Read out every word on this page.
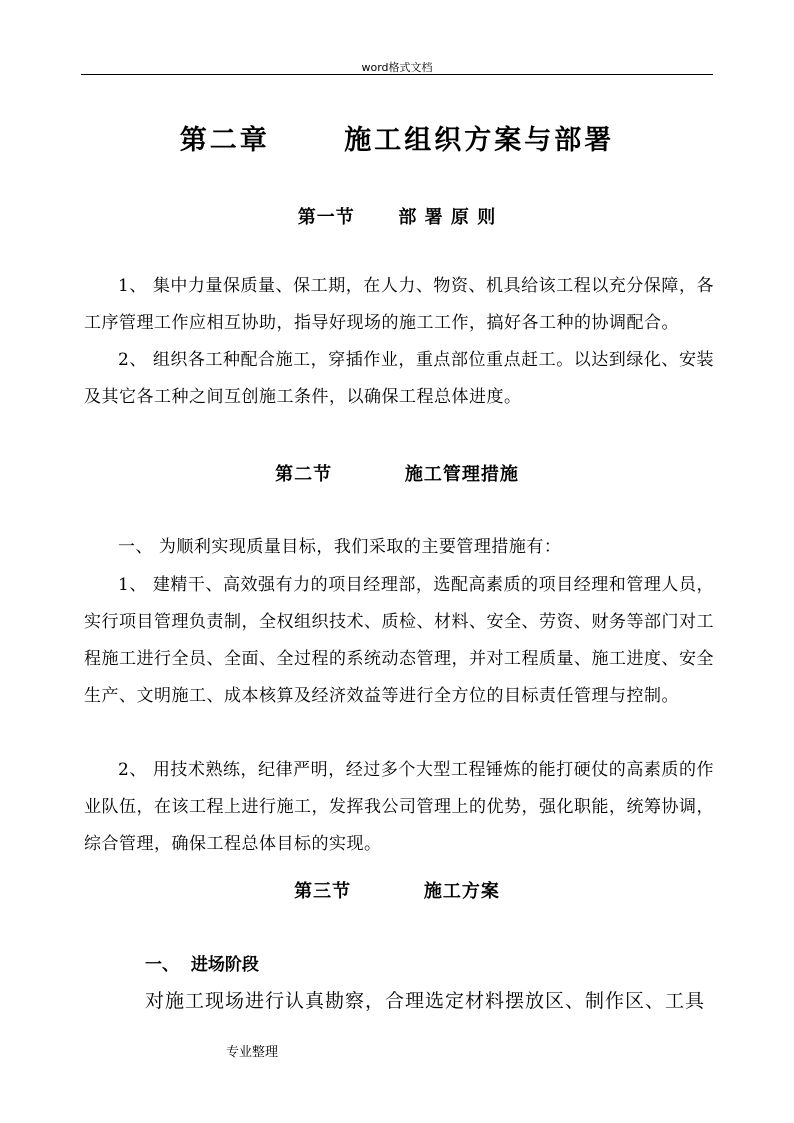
word格式文档
第二章      施工组织方案与部署
第一节      部 署 原 则
1、 集中力量保质量、保工期，在人力、物资、机具给该工程以充分保障，各工序管理工作应相互协助，指导好现场的施工工作，搞好各工种的协调配合。
2、 组织各工种配合施工，穿插作业，重点部位重点赶工。以达到绿化、安装及其它各工种之间互创施工条件，以确保工程总体进度。
第二节          施工管理措施
一、 为顺利实现质量目标，我们采取的主要管理措施有：
1、 建精干、高效强有力的项目经理部，选配高素质的项目经理和管理人员，实行项目管理负责制，全权组织技术、质检、材料、安全、劳资、财务等部门对工程施工进行全员、全面、全过程的系统动态管理，并对工程质量、施工进度、安全生产、文明施工、成本核算及经济效益等进行全方位的目标责任管理与控制。
2、 用技术熟练，纪律严明，经过多个大型工程锤炼的能打硬仗的高素质的作业队伍，在该工程上进行施工，发挥我公司管理上的优势，强化职能，统筹协调，综合管理，确保工程总体目标的实现。
第三节          施工方案
一、  进场阶段
对施工现场进行认真勘察，合理选定材料摆放区、制作区、工具
专业整理
